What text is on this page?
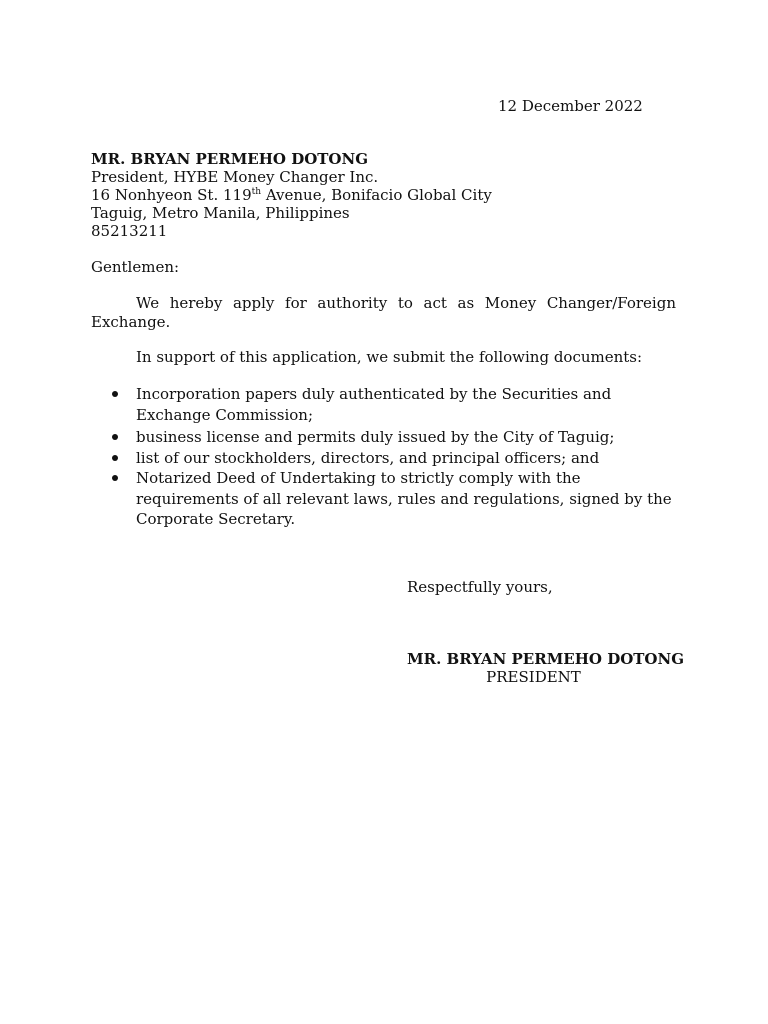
12 December 2022
MR. BRYAN PERMEHO DOTONG
President, HYBE Money Changer Inc.
16 Nonhyeon St. 119th Avenue, Bonifacio Global City
Taguig, Metro Manila, Philippines
85213211
Gentlemen:
We hereby apply for authority to act as Money Changer/Foreign Exchange.
In support of this application, we submit the following documents:
Incorporation papers duly authenticated by the Securities and Exchange Commission;
business license and permits duly issued by the City of Taguig;
list of our stockholders, directors, and principal officers; and
Notarized Deed of Undertaking to strictly comply with the requirements of all relevant laws, rules and regulations, signed by the Corporate Secretary.
Respectfully yours,
MR. BRYAN PERMEHO DOTONG
PRESIDENT
